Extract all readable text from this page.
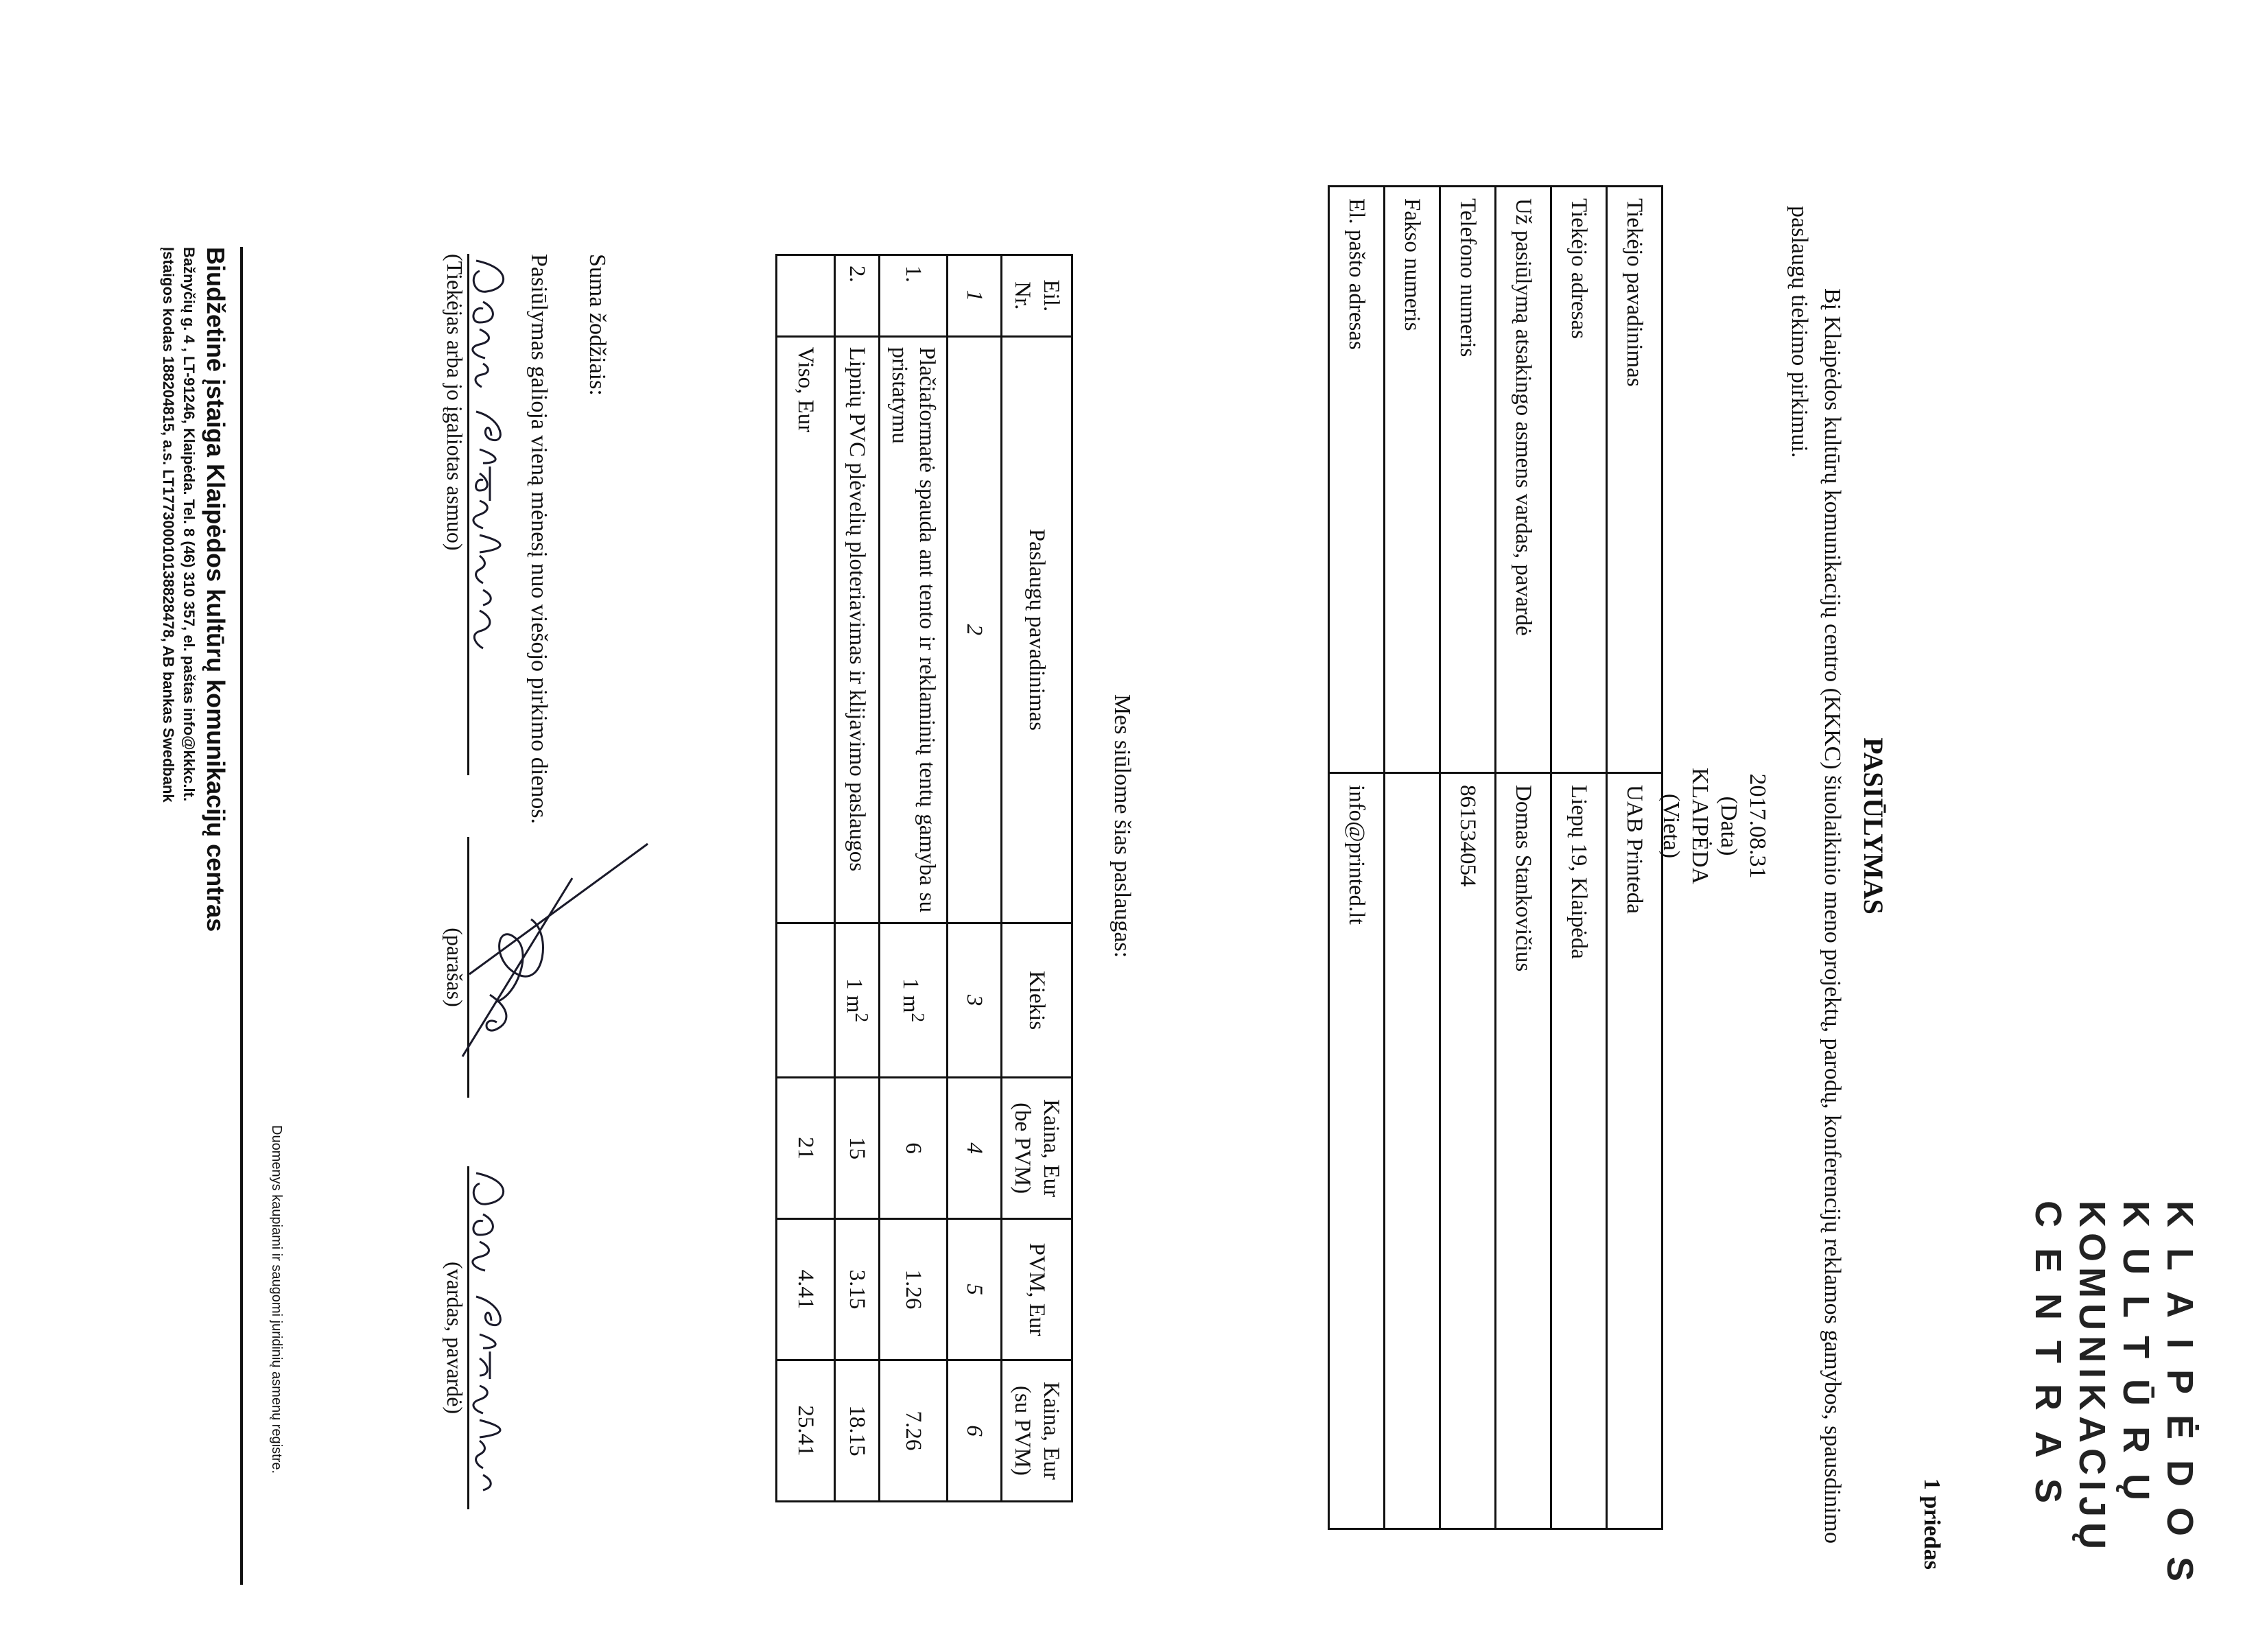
KLAIPĖDOS
KULTŪRŲ
KOMUNIKACIJŲ
CENTRAS
1 priedas
PASIŪLYMAS
Bį Klaipėdos kultūrų komunikacijų centro (KKKC) šiuolaikinio meno projektų, parodų, konferencijų reklamos gamybos, spausdinimo paslaugų tiekimo pirkimui.
2017.08.31
(Data)
KLAIPĖDA
(Vieta)
Tiekėjo pavadinimas	UAB Printeda
Tiekėjo adresas	Liepų 19, Klaipėda
Už pasiūlymą atsakingo asmens vardas, pavardė	Domas Stankovičius
Telefono numeris	861534054
Fakso numeris	
El. pašto adresas	info@printed.lt
Mes siūlome šias paslaugas:
Eil. Nr.	Paslaugų pavadinimas	Kiekis	Kaina, Eur (be PVM)	PVM, Eur	Kaina, Eur (su PVM)
1	2	3	4	5	6
1.	Plačiaformatė spauda ant tento ir reklaminių tentų gamyba su pristatymu	1 $m^2$	6	1.26	7.26
2.	Lipnių PVC plėvelių ploteriavimas ir klijavimo paslaugos	1 $m^2$	15	3.15	18.15
	Viso, Eur		21	4.41	25.41
Suma žodžiais:
Pasiūlymas galioja vieną mėnesį nuo viešojo pirkimo dienos.
(Tiekėjas arba jo įgaliotas asmuo)
(parašas)
(vardas, pavardė)
Duomenys kaupiami ir saugomi juridinių asmenų registre.
Biudžetinė įstaiga Klaipėdos kultūrų komunikacijų centras
Bažnyčių g. 4 , LT-91246, Klaipėda. Tel. 8 (46) 310 357, el. paštas info@kkkc.lt.
Įstaigos kodas 188204815, a.s. LT177300010138828478, AB bankas Swedbank
